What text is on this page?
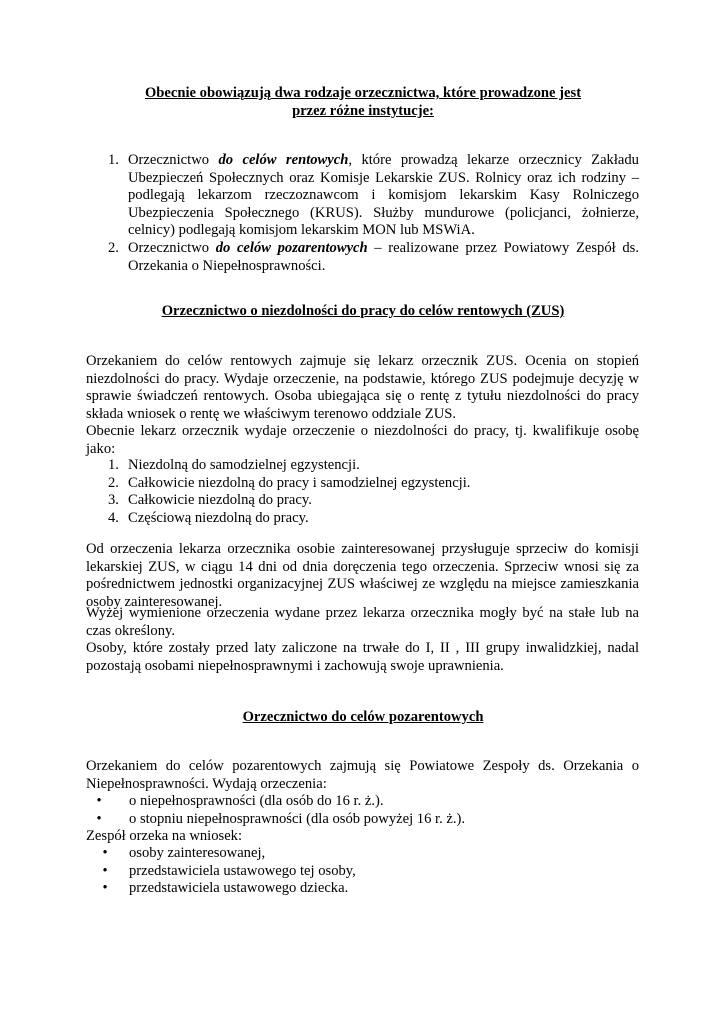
Obecnie obowiązują dwa rodzaje orzecznictwa, które prowadzone jest
przez różne instytucje:
1. Orzecznictwo do celów rentowych, które prowadzą lekarze orzecznicy Zakładu Ubezpieczeń Społecznych oraz Komisje Lekarskie ZUS. Rolnicy oraz ich rodziny – podlegają lekarzom rzeczoznawcom i komisjom lekarskim Kasy Rolniczego Ubezpieczenia Społecznego (KRUS). Służby mundurowe (policjanci, żołnierze, celnicy) podlegają komisjom lekarskim MON lub MSWiA.
2. Orzecznictwo do celów pozarentowych – realizowane przez Powiatowy Zespół ds. Orzekania o Niepełnosprawności.
Orzecznictwo o niezdolności do pracy do celów rentowych (ZUS)

Orzekaniem do celów rentowych zajmuje się lekarz orzecznik ZUS. Ocenia on stopień niezdolności do pracy. Wydaje orzeczenie, na podstawie, którego ZUS podejmuje decyzję w sprawie świadczeń rentowych. Osoba ubiegająca się o rentę z tytułu niezdolności do pracy składa wniosek o rentę we właściwym terenowo oddziale ZUS.

Obecnie lekarz orzecznik wydaje orzeczenie o niezdolności do pracy, tj. kwalifikuje osobę jako:

1. Niezdolną do samodzielnej egzystencji.
2. Całkowicie niezdolną do pracy i samodzielnej egzystencji.
3. Całkowicie niezdolną do pracy.
4. Częściową niezdolną do pracy.

Od orzeczenia lekarza orzecznika osobie zainteresowanej przysługuje sprzeciw do komisji lekarskiej ZUS, w ciągu 14 dni od dnia doręczenia tego orzeczenia. Sprzeciw wnosi się za pośrednictwem jednostki organizacyjnej ZUS właściwej ze względu na miejsce zamieszkania osoby zainteresowanej.

Wyżej wymienione orzeczenia wydane przez lekarza orzecznika mogły być na stałe lub na czas określony.

Osoby, które zostały przed laty zaliczone na trwałe do I, II , III grupy inwalidzkiej, nadal pozostają osobami niepełnosprawnymi i zachowują swoje uprawnienia.

Orzecznictwo do celów pozarentowych

Orzekaniem do celów pozarentowych zajmują się Powiatowe Zespoły ds. Orzekania o Niepełnosprawności. Wydają orzeczenia:

• o niepełnosprawności (dla osób do 16 r. ż.).
• o stopniu niepełnosprawności (dla osób powyżej 16 r. ż.).

Zespół orzeka na wniosek:

• osoby zainteresowanej,
• przedstawiciela ustawowego tej osoby,
• przedstawiciela ustawowego dziecka.
